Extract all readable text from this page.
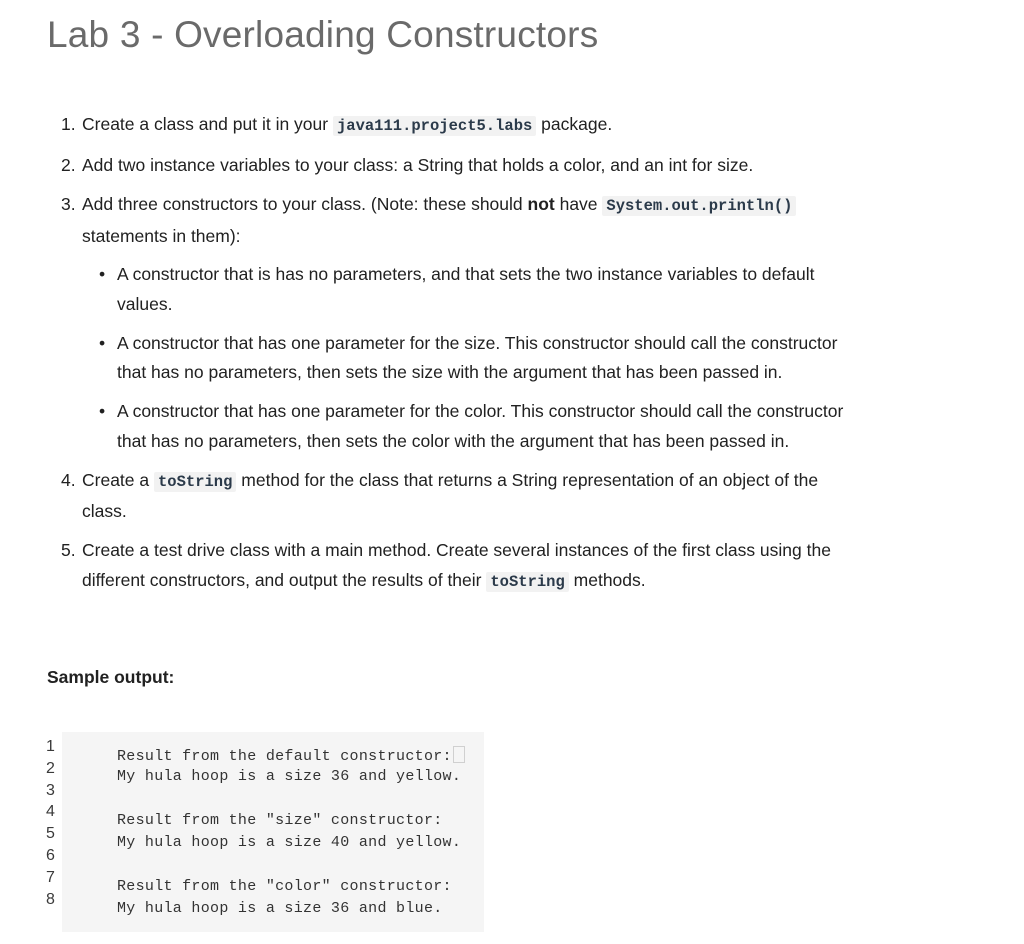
Lab 3 - Overloading Constructors
1. Create a class and put it in your java111.project5.labs package.
2. Add two instance variables to your class: a String that holds a color, and an int for size.
3. Add three constructors to your class. (Note: these should not have System.out.println() statements in them):
• A constructor that is has no parameters, and that sets the two instance variables to default values.
• A constructor that has one parameter for the size. This constructor should call the constructor that has no parameters, then sets the size with the argument that has been passed in.
• A constructor that has one parameter for the color. This constructor should call the constructor that has no parameters, then sets the color with the argument that has been passed in.
4. Create a toString method for the class that returns a String representation of an object of the class.
5. Create a test drive class with a main method. Create several instances of the first class using the different constructors, and output the results of their toString methods.
Sample output:
1
2
3
4
5
6
7
8
Result from the default constructor:
My hula hoop is a size 36 and yellow.
Result from the "size" constructor:
My hula hoop is a size 40 and yellow.
Result from the "color" constructor:
My hula hoop is a size 36 and blue.
